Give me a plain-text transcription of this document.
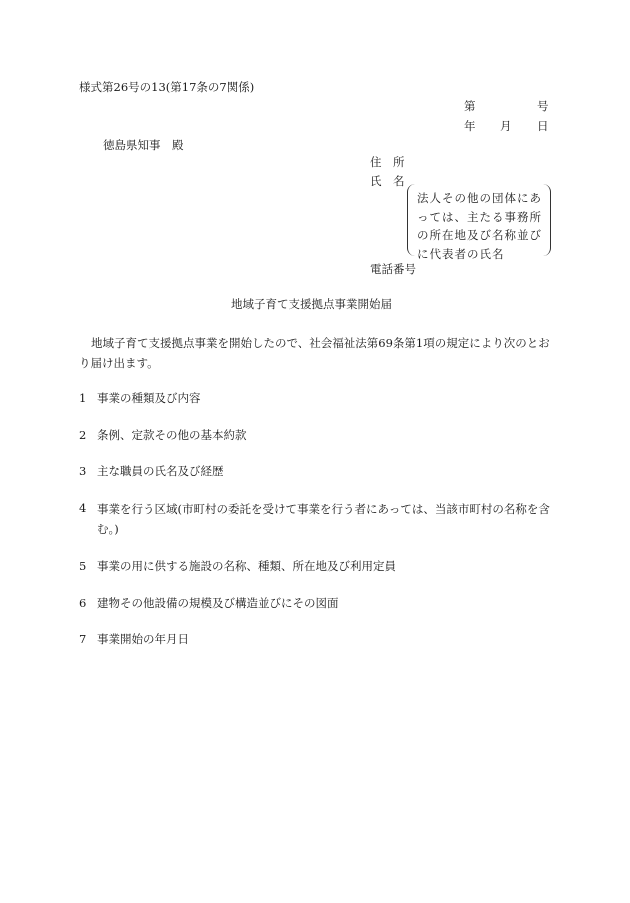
様式第26号の13(第17条の7関係)
第	号
年 月 日
徳島県知事　殿
住　所
氏　名
法人その他の団体にあっては、主たる事務所の所在地及び名称並びに代表者の氏名
電話番号
地域子育て支援拠点事業開始届
地域子育て支援拠点事業を開始したので、社会福祉法第69条第1項の規定により次のとおり届け出ます。
1 事業の種類及び内容
2 条例、定款その他の基本約款
3 主な職員の氏名及び経歴
4 事業を行う区域(市町村の委託を受けて事業を行う者にあっては、当該市町村の名称を含む。)
5 事業の用に供する施設の名称、種類、所在地及び利用定員
6 建物その他設備の規模及び構造並びにその図面
7 事業開始の年月日
